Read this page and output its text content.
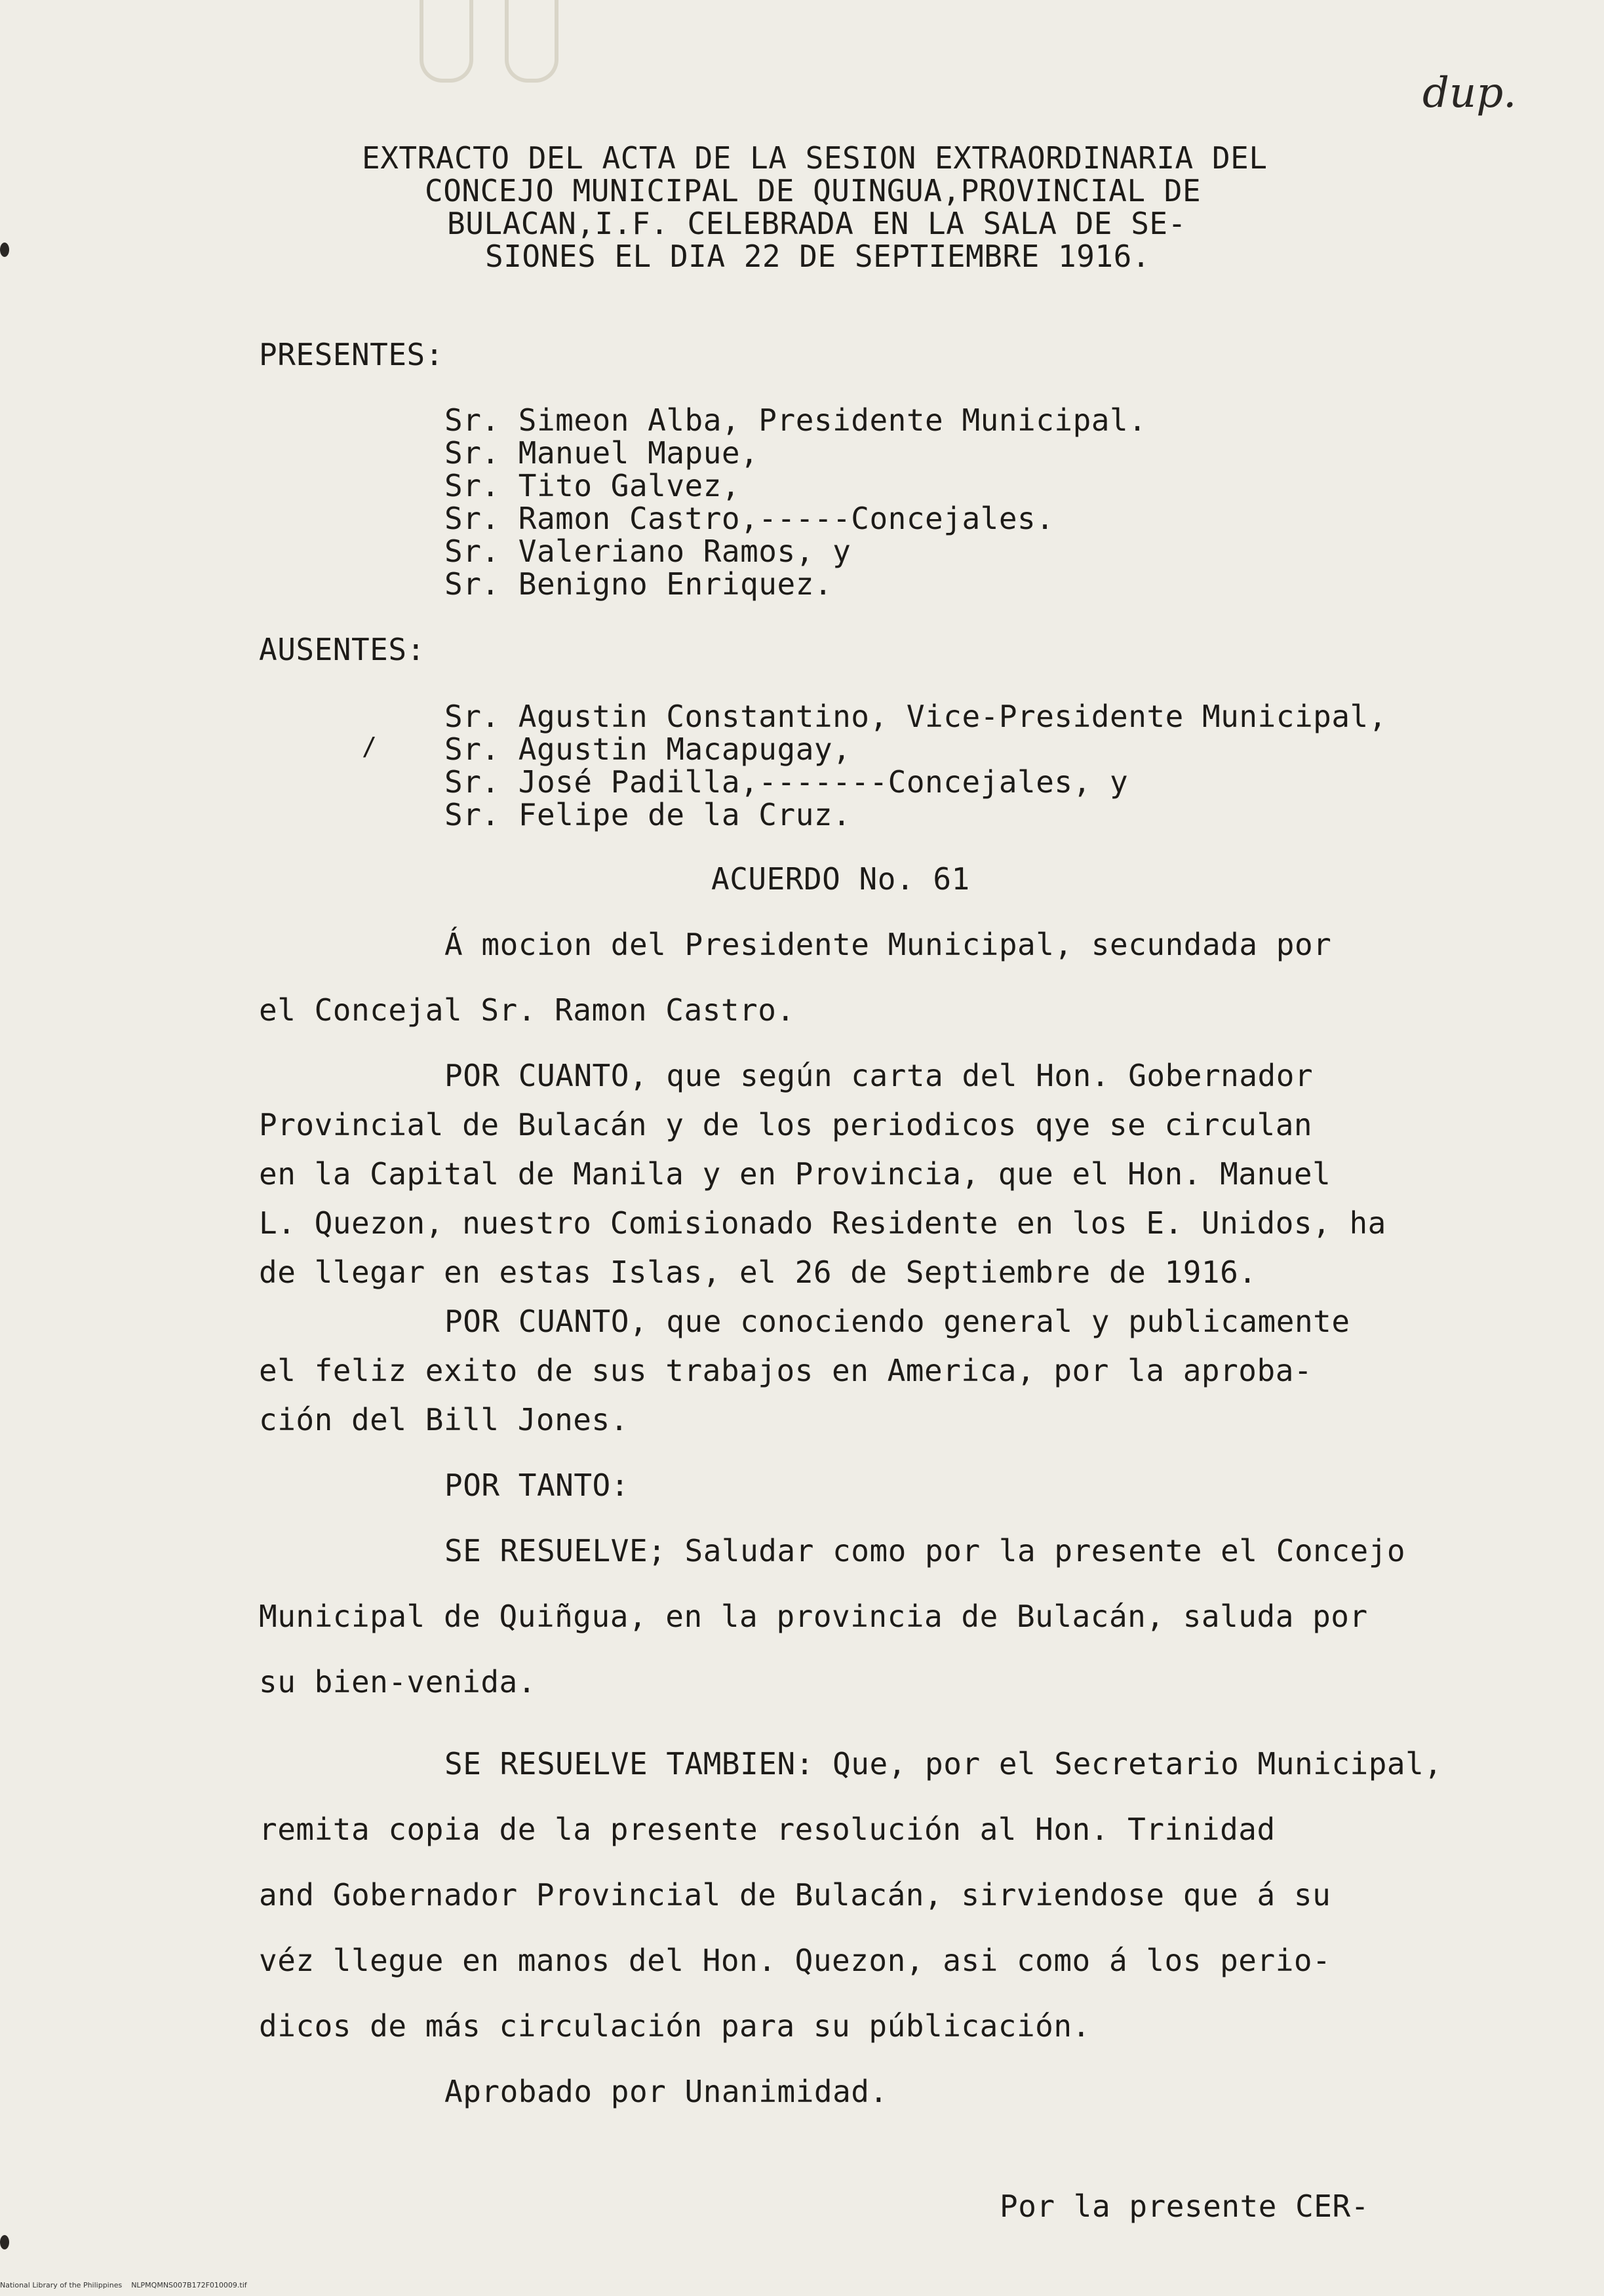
dup.
EXTRACTO DEL ACTA DE LA SESION EXTRAORDINARIA DEL
CONCEJO MUNICIPAL DE QUINGUA,PROVINCIAL DE
BULACAN,I.F. CELEBRADA EN LA SALA DE SE-
SIONES EL DIA 22 DE SEPTIEMBRE 1916.
PRESENTES:
Sr. Simeon Alba, Presidente Municipal.
Sr. Manuel Mapue,
Sr. Tito Galvez,
Sr. Ramon Castro,-----Concejales.
Sr. Valeriano Ramos, y
Sr. Benigno Enriquez.
AUSENTES:
Sr. Agustin Constantino, Vice-Presidente Municipal,
/ Sr. Agustin Macapugay,
Sr. José Padilla,-------Concejales, y
Sr. Felipe de la Cruz.
ACUERDO No. 61
Á mocion del Presidente Municipal, secundada por
el Concejal Sr. Ramon Castro.
POR CUANTO, que según carta del Hon. Gobernador
Provincial de Bulacán y de los periodicos qye se circulan
en la Capital de Manila y en Provincia, que el Hon. Manuel
L. Quezon, nuestro Comisionado Residente en los E. Unidos, ha
de llegar en estas Islas, el 26 de Septiembre de 1916.
POR CUANTO, que conociendo general y publicamente
el feliz exito de sus trabajos en America, por la aproba-
ción del Bill Jones.
POR TANTO:
SE RESUELVE; Saludar como por la presente el Concejo
Municipal de Quiñgua, en la provincia de Bulacán, saluda por
su bien-venida.
SE RESUELVE TAMBIEN: Que, por el Secretario Municipal,
remita copia de la presente resolución al Hon. Trinidad
and Gobernador Provincial de Bulacán, sirviendose que á su
véz llegue en manos del Hon. Quezon, asi como á los perio-
dicos de más circulación para su públicación.
Aprobado por Unanimidad.
Por la presente CER-
National Library of the Philippines    NLPMQMNS007B172F010009.tif
